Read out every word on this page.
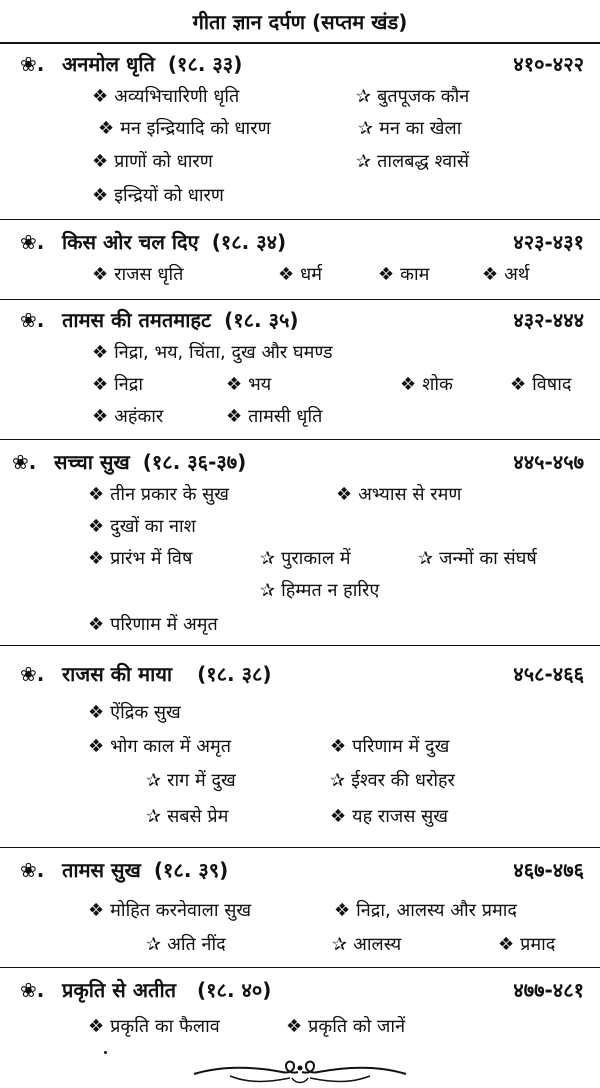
गीता ज्ञान दर्पण (सप्तम खंड)
❀. अनमोल धृति (१८. ३३)	४१०-४२२
❖ अव्यभिचारिणी धृति	✰ बुतपूजक कौन
❖ मन इन्द्रियादि को धारण	✰ मन का खेला
❖ प्राणों को धारण	✰ तालबद्ध श्वासें
❖ इन्द्रियों को धारण
❀. किस ओर चल दिए (१८. ३४)	४२३-४३१
❖ राजस धृति	❖ धर्म	❖ काम	❖ अर्थ
❀. तामस की तमतमाहट (१८. ३५)	४३२-४४४
❖ निद्रा, भय, चिंता, दुख और घमण्ड
❖ निद्रा	❖ भय	❖ शोक	❖ विषाद
❖ अहंकार	❖ तामसी धृति
❀. सच्चा सुख (१८. ३६-३७)	४४५-४५७
❖ तीन प्रकार के सुख	❖ अभ्यास से रमण
❖ दुखों का नाश
❖ प्रारंभ में विष	✰ पुराकाल में	✰ जन्मों का संघर्ष
✰ हिम्मत न हारिए
❖ परिणाम में अमृत
❀. राजस की माया (१८. ३८)	४५८-४६६
❖ ऐंद्रिक सुख
❖ भोग काल में अमृत	❖ परिणाम में दुख
✰ राग में दुख	✰ ईश्वर की धरोहर
✰ सबसे प्रेम	❖ यह राजस सुख
❀. तामस सुख (१८. ३९)	४६७-४७६
❖ मोहित करनेवाला सुख	❖ निद्रा, आलस्य और प्रमाद
✰ अति नींद	✰ आलस्य	❖ प्रमाद
❀. प्रकृति से अतीत (१८. ४०)	४७७-४८१
❖ प्रकृति का फैलाव	❖ प्रकृति को जानें
